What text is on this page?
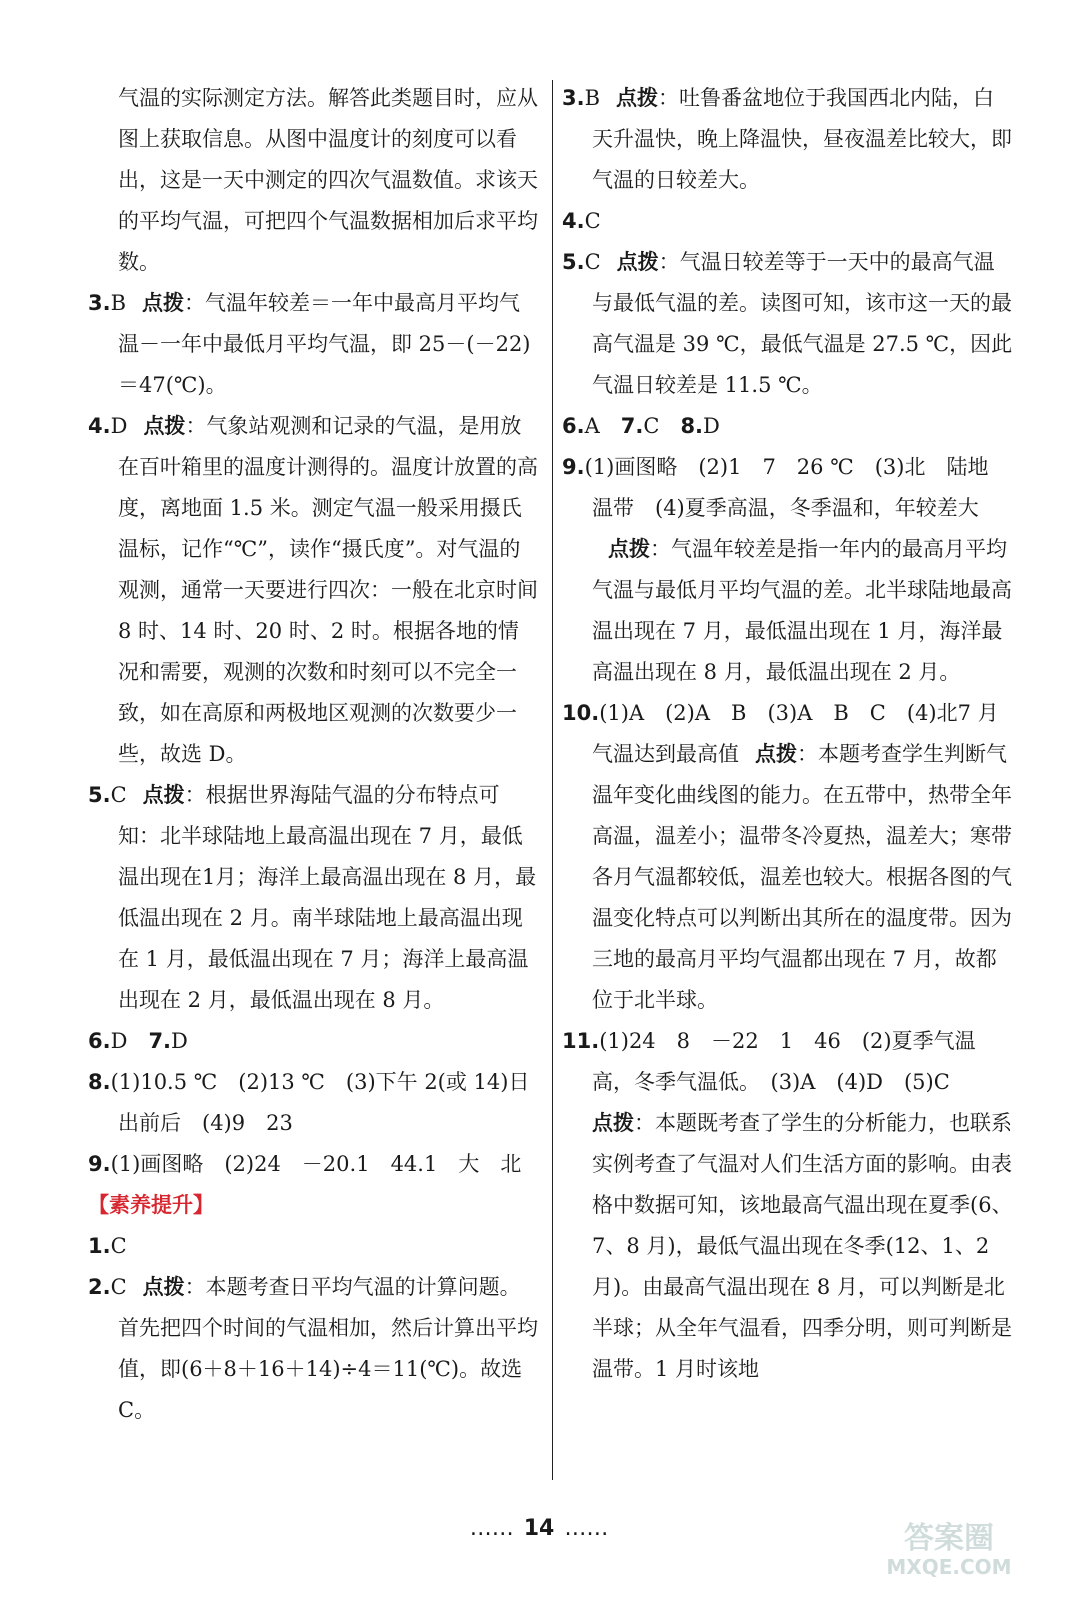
气温的实际测定方法。解答此类题目时，应从图上获取信息。从图中温度计的刻度可以看出，这是一天中测定的四次气温数值。求该天的平均气温，可把四个气温数据相加后求平均数。

3.B 点拨：气温年较差＝一年中最高月平均气温－一年中最低月平均气温，即 25－(－22)＝47(℃)。

4.D 点拨：气象站观测和记录的气温，是用放在百叶箱里的温度计测得的。温度计放置的高度，离地面 1.5 米。测定气温一般采用摄氏温标，记作“℃”，读作“摄氏度”。对气温的观测，通常一天要进行四次：一般在北京时间 8 时、14 时、20 时、2 时。根据各地的情况和需要，观测的次数和时刻可以不完全一致，如在高原和两极地区观测的次数要少一些，故选 D。

5.C 点拨：根据世界海陆气温的分布特点可知：北半球陆地上最高温出现在 7 月，最低温出现在1月；海洋上最高温出现在 8 月，最低温出现在 2 月。南半球陆地上最高温出现在 1 月，最低温出现在 7 月；海洋上最高温出现在 2 月，最低温出现在 8 月。

6.D　 7.D

8.(1)10.5 ℃　(2)13 ℃　(3)下午 2(或 14)日出前后　(4)9　23

9.(1)画图略　(2)24　－20.1　44.1　大　北

【素养提升】

1.C

2.C 点拨：本题考查日平均气温的计算问题。首先把四个时间的气温相加，然后计算出平均值，即(6＋8＋16＋14)÷4＝11(℃)。故选 C。

3.B 点拨：吐鲁番盆地位于我国西北内陆，白天升温快，晚上降温快，昼夜温差比较大，即气温的日较差大。

4.C

5.C 点拨：气温日较差等于一天中的最高气温与最低气温的差。读图可知，该市这一天的最高气温是 39 ℃，最低气温是 27.5 ℃，因此气温日较差是 11.5 ℃。

6.A　 7.C　 8.D

9.(1)画图略　(2)1　7　26 ℃　(3)北　陆地　温带　(4)夏季高温，冬季温和，年较差大点拨：气温年较差是指一年内的最高月平均气温与最低月平均气温的差。北半球陆地最高温出现在 7 月，最低温出现在 1 月，海洋最高温出现在 8 月，最低温出现在 2 月。

10.(1)A　(2)A　B　(3)A　B　C　(4)北7 月气温达到最高值 点拨：本题考查学生判断气温年变化曲线图的能力。在五带中，热带全年高温，温差小；温带冬冷夏热，温差大；寒带各月气温都较低，温差也较大。根据各图的气温变化特点可以判断出其所在的温度带。因为三地的最高月平均气温都出现在 7 月，故都位于北半球。

11.(1)24　8　－22　1　46　(2)夏季气温高，冬季气温低。　(3)A　(4)D　(5)C
点拨：本题既考查了学生的分析能力，也联系实例考查了气温对人们生活方面的影响。由表格中数据可知，该地最高气温出现在夏季(6、7、8 月)，最低气温出现在冬季(12、1、2 月)。由最高气温出现在 8 月，可以判断是北半球；从全年气温看，四季分明，则可判断是温带。1 月时该地

…… 14 ……	答案圈
MXQE.COM
